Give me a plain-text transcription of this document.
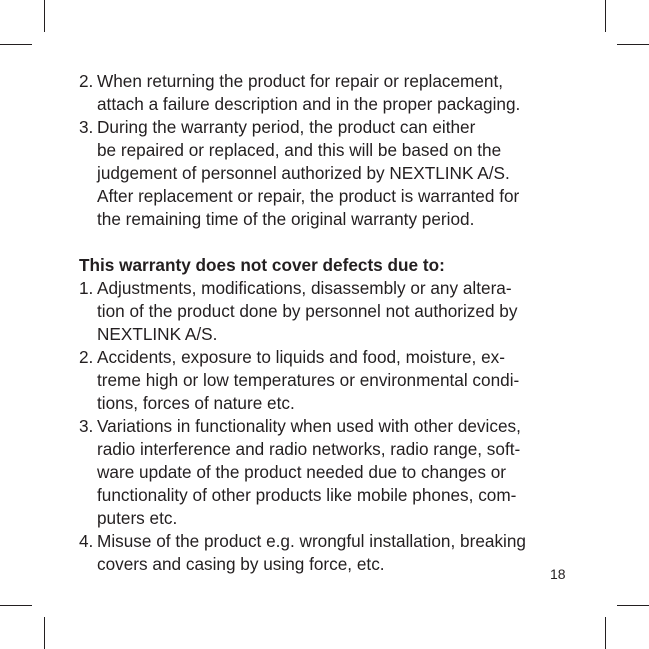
2. When returning the product for repair or replacement,
attach a failure description and in the proper packaging.
3. During the warranty period, the product can either
be repaired or replaced, and this will be based on the
judgement of personnel authorized by NEXTLINK A/S.
After replacement or repair, the product is warranted for
the remaining time of the original warranty period.
This warranty does not cover defects due to:
1. Adjustments, modifications, disassembly or any altera-
tion of the product done by personnel not authorized by
NEXTLINK A/S.
2. Accidents, exposure to liquids and food, moisture, ex-
treme high or low temperatures or environmental condi-
tions, forces of nature etc.
3. Variations in functionality when used with other devices,
radio interference and radio networks, radio range, soft-
ware update of the product needed due to changes or
functionality of other products like mobile phones, com-
puters etc.
4. Misuse of the product e.g. wrongful installation, breaking
covers and casing by using force, etc.	18
